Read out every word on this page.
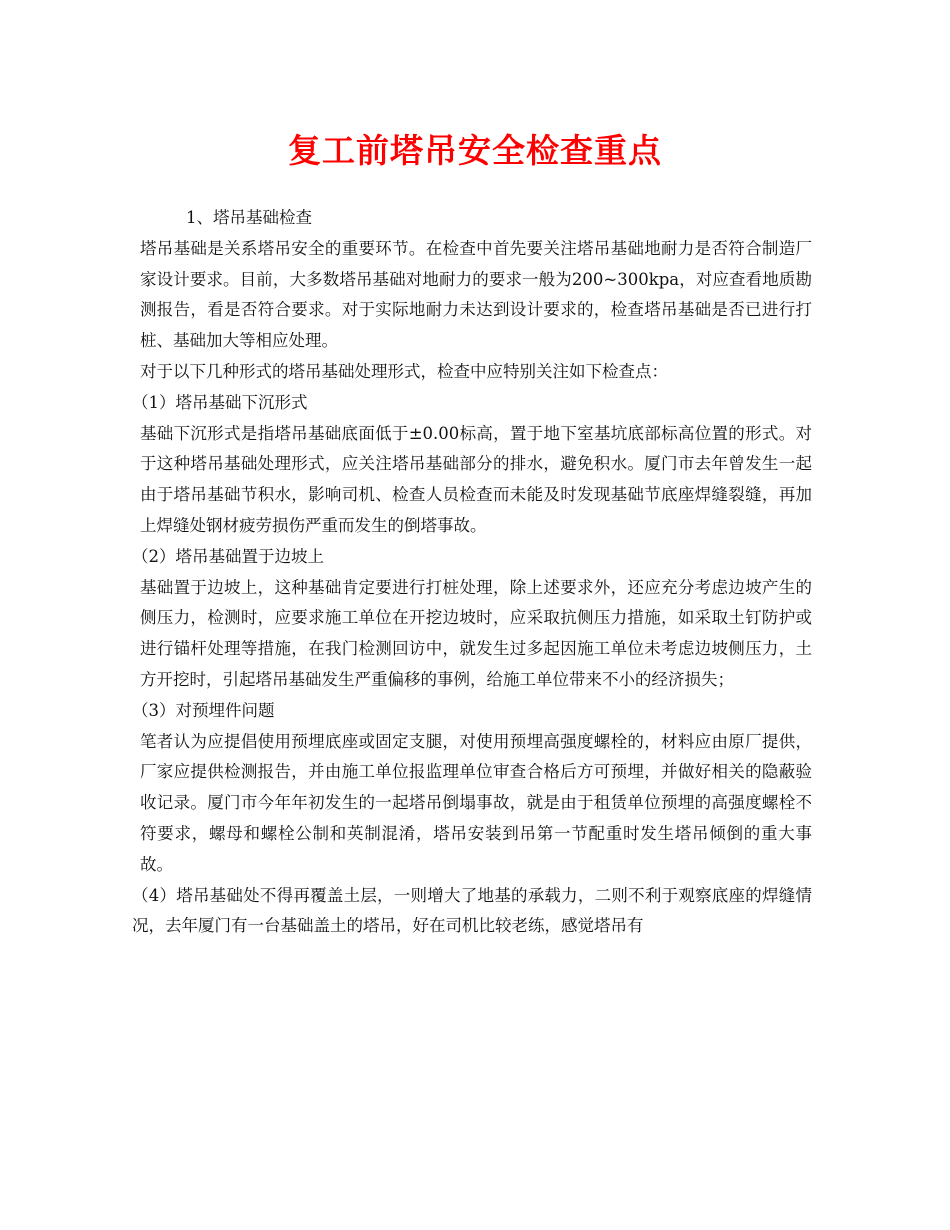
复工前塔吊安全检查重点

1、塔吊基础检查

塔吊基础是关系塔吊安全的重要环节。在检查中首先要关注塔吊基础地耐力是否符合制造厂家设计要求。目前，大多数塔吊基础对地耐力的要求一般为200~300kpa，对应查看地质勘测报告，看是否符合要求。对于实际地耐力未达到设计要求的，检查塔吊基础是否已进行打桩、基础加大等相应处理。

对于以下几种形式的塔吊基础处理形式，检查中应特别关注如下检查点：

（1）塔吊基础下沉形式

基础下沉形式是指塔吊基础底面低于±0.00标高，置于地下室基坑底部标高位置的形式。对于这种塔吊基础处理形式，应关注塔吊基础部分的排水，避免积水。厦门市去年曾发生一起由于塔吊基础节积水，影响司机、检查人员检查而未能及时发现基础节底座焊缝裂缝，再加上焊缝处钢材疲劳损伤严重而发生的倒塔事故。

（2）塔吊基础置于边坡上

基础置于边坡上，这种基础肯定要进行打桩处理，除上述要求外，还应充分考虑边坡产生的侧压力，检测时，应要求施工单位在开挖边坡时，应采取抗侧压力措施，如采取土钉防护或进行锚杆处理等措施，在我门检测回访中，就发生过多起因施工单位未考虑边坡侧压力，土方开挖时，引起塔吊基础发生严重偏移的事例，给施工单位带来不小的经济损失；

（3）对预埋件问题

笔者认为应提倡使用预埋底座或固定支腿，对使用预埋高强度螺栓的，材料应由原厂提供，厂家应提供检测报告，并由施工单位报监理单位审查合格后方可预埋，并做好相关的隐蔽验收记录。厦门市今年年初发生的一起塔吊倒塌事故，就是由于租赁单位预埋的高强度螺栓不符要求，螺母和螺栓公制和英制混淆，塔吊安装到吊第一节配重时发生塔吊倾倒的重大事故。

（4）塔吊基础处不得再覆盖土层，一则增大了地基的承载力，二则不利于观察底座的焊缝情况，去年厦门有一台基础盖土的塔吊，好在司机比较老练，感觉塔吊有
